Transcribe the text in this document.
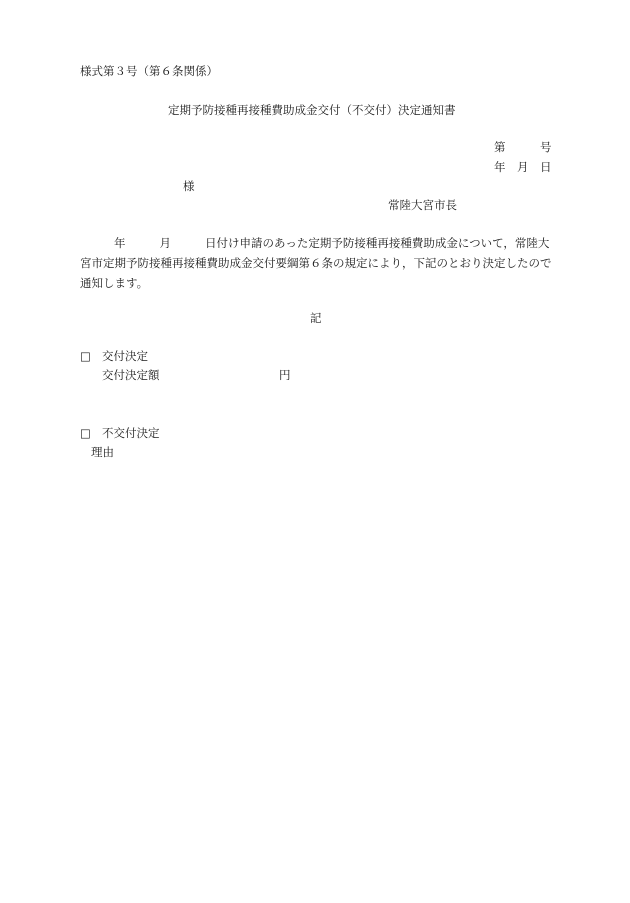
様式第３号（第６条関係）
定期予防接種再接種費助成金交付（不交付）決定通知書
第	号
年 月 日
様
常陸大宮市長
年	月	日付け申請のあった定期予防接種再接種費助成金について，常陸大宮市定期予防接種再接種費助成金交付要綱第６条の規定により，下記のとおり決定したので通知します。
記
□ 交付決定
交付決定額	円
□ 不交付決定
理由
